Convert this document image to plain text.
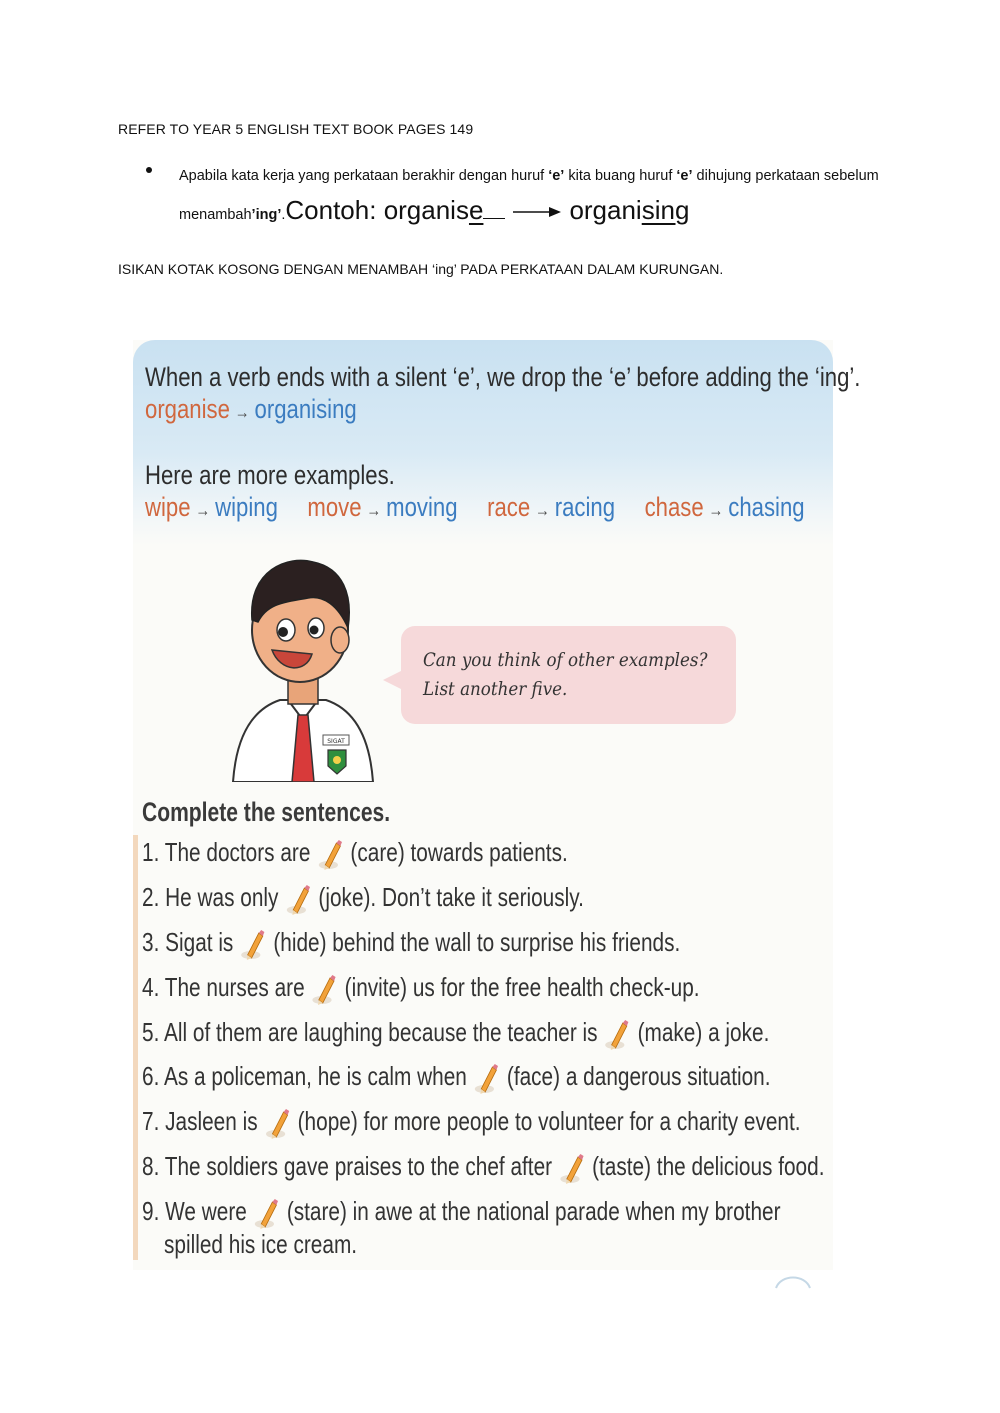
REFER TO YEAR 5 ENGLISH TEXT BOOK PAGES 149
Apabila kata kerja yang perkataan berakhir dengan huruf ‘e’ kita buang huruf ‘e’ dihujung perkataan sebelum menambah’ing’.Contoh: organise	organising
ISIKAN KOTAK KOSONG DENGAN MENAMBAH ‘ing’ PADA PERKATAAN DALAM KURUNGAN.
When a verb ends with a silent ‘e’, we drop the ‘e’ before adding the ‘ing’.
organise → organising
Here are more examples.
wipe → wiping move → moving race → racing chase → chasing
SIGAT
Can you think of other examples?
List another five.
Complete the sentences.
1. The doctors are (care) towards patients.
2. He was only (joke). Don’t take it seriously.
3. Sigat is (hide) behind the wall to surprise his friends.
4. The nurses are (invite) us for the free health check-up.
5. All of them are laughing because the teacher is (make) a joke.
6. As a policeman, he is calm when (face) a dangerous situation.
7. Jasleen is (hope) for more people to volunteer for a charity event.
8. The soldiers gave praises to the chef after (taste) the delicious food.
9. We were (stare) in awe at the national parade when my brother
spilled his ice cream.
